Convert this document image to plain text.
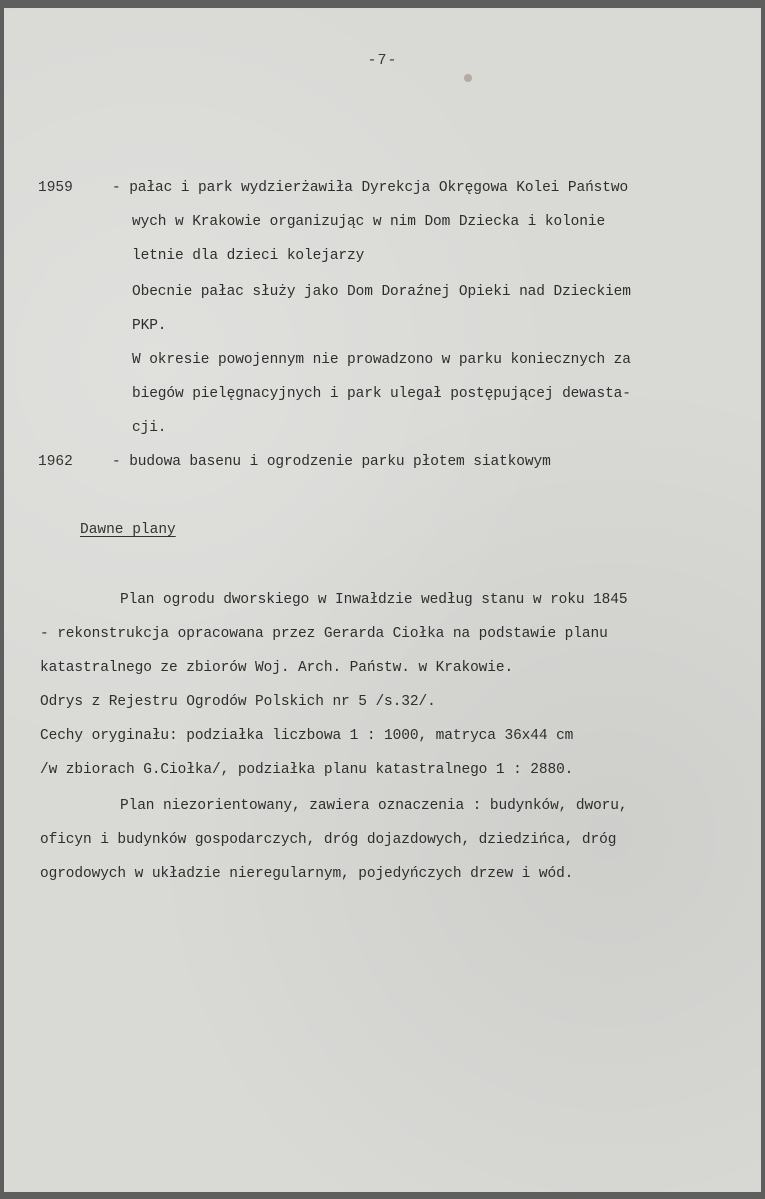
-7-
1959	- pałac i park wydzierżawiła Dyrekcja Okręgowa Kolei Państwo
wych w Krakowie organizując w nim Dom Dziecka i kolonie
letnie dla dzieci kolejarzy
Obecnie pałac służy jako Dom Doraźnej Opieki nad Dzieckiem
PKP.
W okresie powojennym nie prowadzono w parku koniecznych za
biegów pielęgnacyjnych i park ulegał postępującej dewasta-
cji.
1962	- budowa basenu i ogrodzenie parku płotem siatkowym
Dawne plany
Plan ogrodu dworskiego w Inwałdzie według stanu w roku 1845
- rekonstrukcja opracowana przez Gerarda Ciołka na podstawie planu
katastralnego ze zbiorów Woj. Arch. Państw. w Krakowie.
Odrys z Rejestru Ogrodów Polskich nr 5 /s.32/.
Cechy oryginału: podziałka liczbowa 1 : 1000, matryca 36x44 cm
/w zbiorach G.Ciołka/, podziałka planu katastralnego 1 : 2880.
Plan niezorientowany, zawiera oznaczenia : budynków, dworu,
oficyn i budynków gospodarczych, dróg dojazdowych, dziedzińca, dróg
ogrodowych w układzie nieregularnym, pojedyńczych drzew i wód.
